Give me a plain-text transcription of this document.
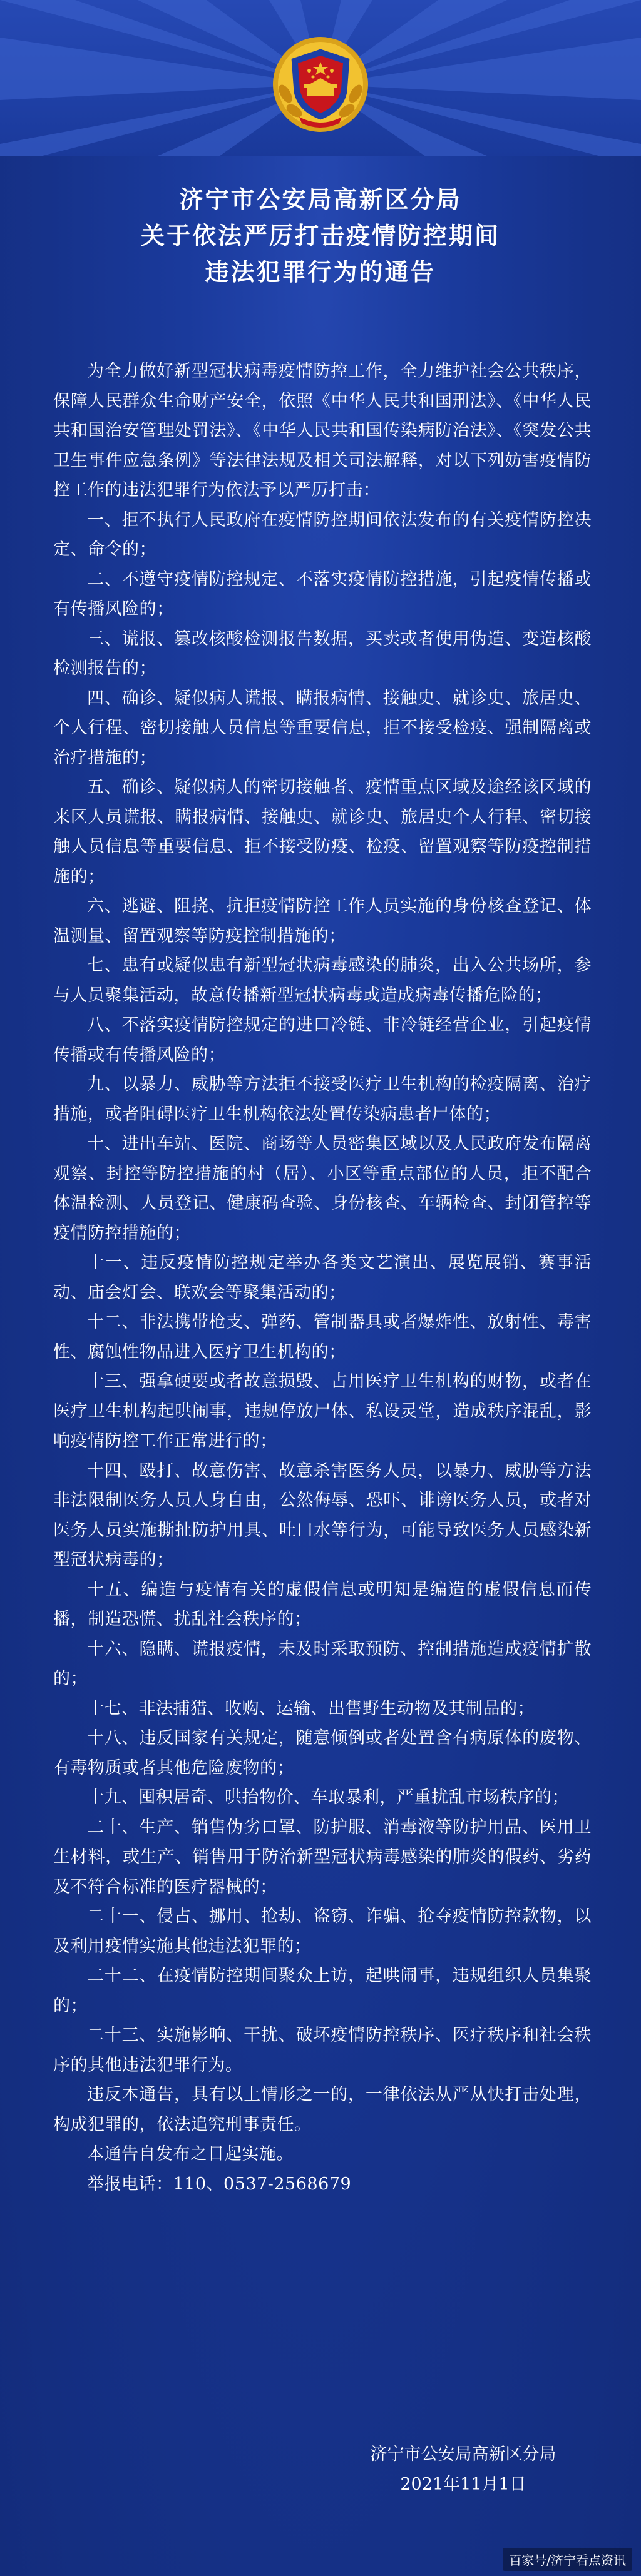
济宁市公安局高新区分局
关于依法严厉打击疫情防控期间
违法犯罪行为的通告

为全力做好新型冠状病毒疫情防控工作，全力维护社会公共秩序，保障人民群众生命财产安全，依照《中华人民共和国刑法》、《中华人民共和国治安管理处罚法》、《中华人民共和国传染病防治法》、《突发公共卫生事件应急条例》等法律法规及相关司法解释，对以下列妨害疫情防控工作的违法犯罪行为依法予以严厉打击：

一、拒不执行人民政府在疫情防控期间依法发布的有关疫情防控决定、命令的；

二、不遵守疫情防控规定、不落实疫情防控措施，引起疫情传播或有传播风险的；

三、谎报、篡改核酸检测报告数据，买卖或者使用伪造、变造核酸检测报告的；

四、确诊、疑似病人谎报、瞒报病情、接触史、就诊史、旅居史、个人行程、密切接触人员信息等重要信息，拒不接受检疫、强制隔离或治疗措施的；

五、确诊、疑似病人的密切接触者、疫情重点区域及途经该区域的来区人员谎报、瞒报病情、接触史、就诊史、旅居史个人行程、密切接触人员信息等重要信息、拒不接受防疫、检疫、留置观察等防疫控制措施的；

六、逃避、阻挠、抗拒疫情防控工作人员实施的身份核查登记、体温测量、留置观察等防疫控制措施的；

七、患有或疑似患有新型冠状病毒感染的肺炎，出入公共场所，参与人员聚集活动，故意传播新型冠状病毒或造成病毒传播危险的；

八、不落实疫情防控规定的进口冷链、非冷链经营企业，引起疫情传播或有传播风险的；

九、以暴力、威胁等方法拒不接受医疗卫生机构的检疫隔离、治疗措施，或者阻碍医疗卫生机构依法处置传染病患者尸体的；

十、进出车站、医院、商场等人员密集区域以及人民政府发布隔离观察、封控等防控措施的村（居）、小区等重点部位的人员，拒不配合体温检测、人员登记、健康码查验、身份核查、车辆检查、封闭管控等疫情防控措施的；

十一、违反疫情防控规定举办各类文艺演出、展览展销、赛事活动、庙会灯会、联欢会等聚集活动的；

十二、非法携带枪支、弹药、管制器具或者爆炸性、放射性、毒害性、腐蚀性物品进入医疗卫生机构的；

十三、强拿硬要或者故意损毁、占用医疗卫生机构的财物，或者在医疗卫生机构起哄闹事，违规停放尸体、私设灵堂，造成秩序混乱，影响疫情防控工作正常进行的；

十四、殴打、故意伤害、故意杀害医务人员，以暴力、威胁等方法非法限制医务人员人身自由，公然侮辱、恐吓、诽谤医务人员，或者对医务人员实施撕扯防护用具、吐口水等行为，可能导致医务人员感染新型冠状病毒的；

十五、编造与疫情有关的虚假信息或明知是编造的虚假信息而传播，制造恐慌、扰乱社会秩序的；

十六、隐瞒、谎报疫情，未及时采取预防、控制措施造成疫情扩散的；

十七、非法捕猎、收购、运输、出售野生动物及其制品的；

十八、违反国家有关规定，随意倾倒或者处置含有病原体的废物、有毒物质或者其他危险废物的；

十九、囤积居奇、哄抬物价、车取暴利，严重扰乱市场秩序的；

二十、生产、销售伪劣口罩、防护服、消毒液等防护用品、医用卫生材料，或生产、销售用于防治新型冠状病毒感染的肺炎的假药、劣药及不符合标准的医疗器械的；

二十一、侵占、挪用、抢劫、盗窃、诈骗、抢夺疫情防控款物，以及利用疫情实施其他违法犯罪的；

二十二、在疫情防控期间聚众上访，起哄闹事，违规组织人员集聚的；

二十三、实施影响、干扰、破坏疫情防控秩序、医疗秩序和社会秩序的其他违法犯罪行为。

违反本通告，具有以上情形之一的，一律依法从严从快打击处理，构成犯罪的，依法追究刑事责任。

本通告自发布之日起实施。

举报电话：110、0537-2568679

济宁市公安局高新区分局
2021年11月1日
百家号/济宁看点资讯
